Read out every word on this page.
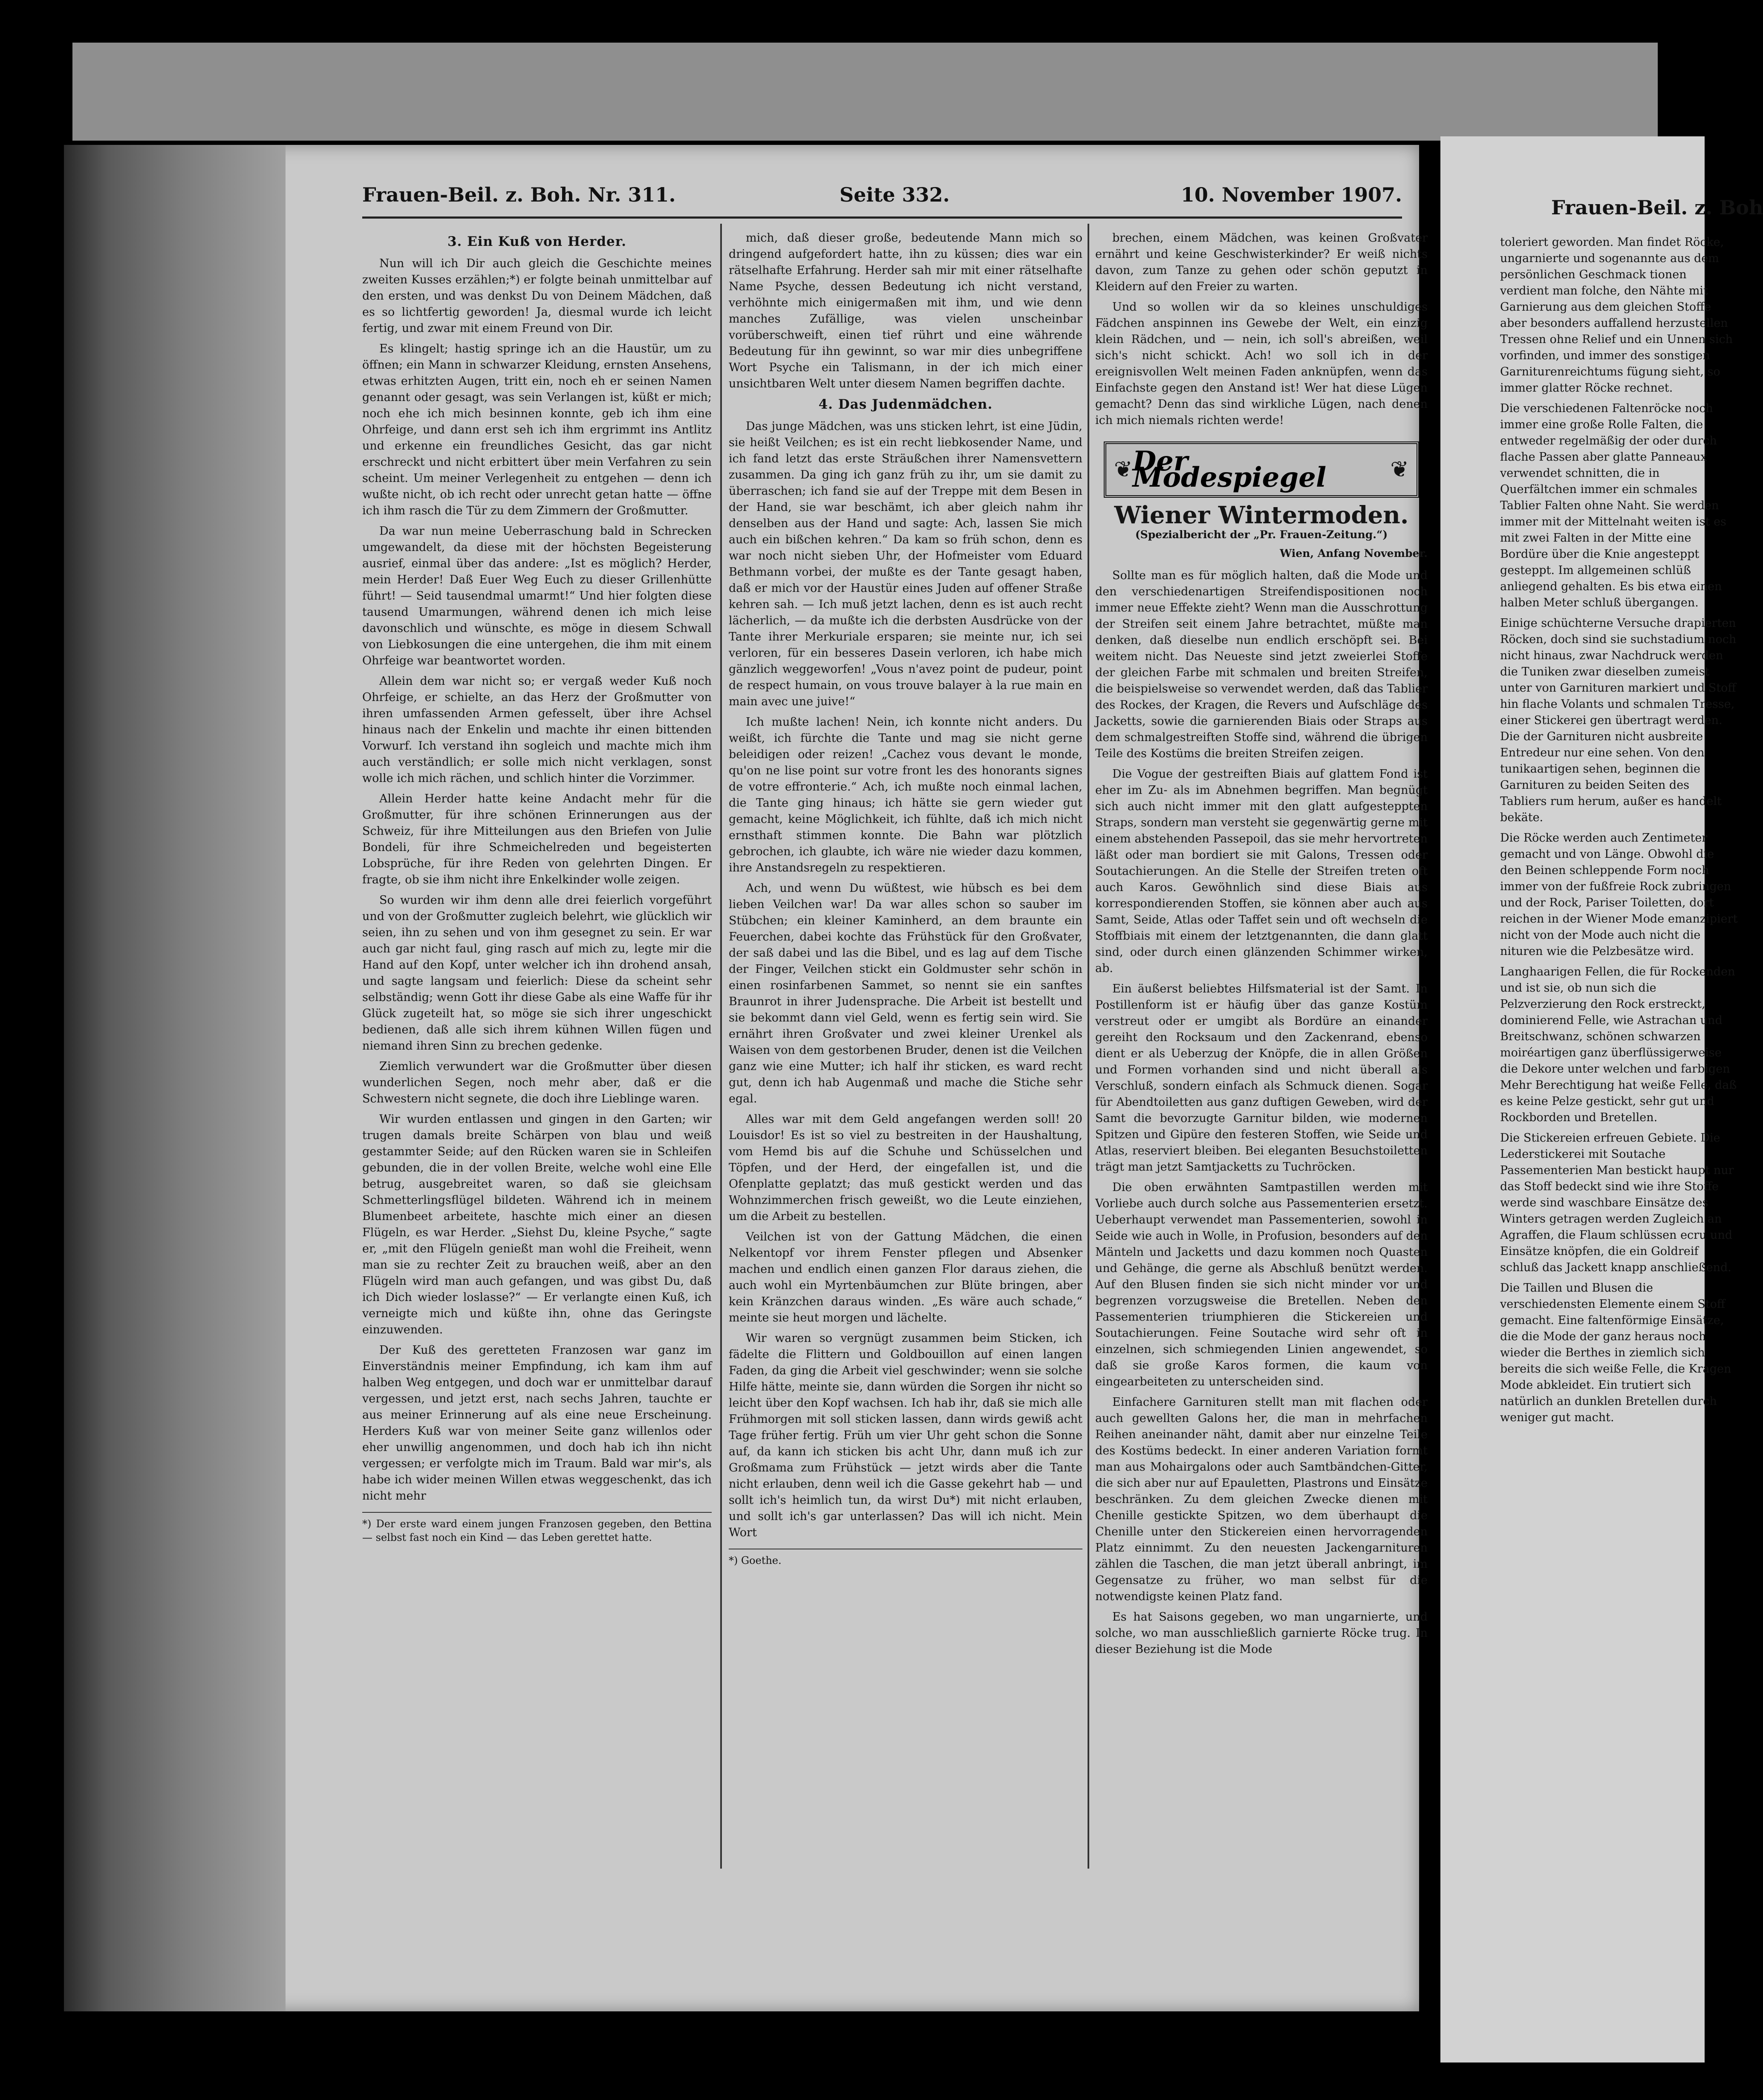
Frauen-Beil. z. Boh

toleriert geworden. Man findet Röcke, ungarnierte und sogenannte aus dem persönlichen Geschmack tionen verdient man folche, den Nähte mit Garnierung aus dem gleichen Stoffe aber besonders auffallend herzustellen Tressen ohne Relief und ein Unnen sich vorfinden, und immer des sonstigen Garniturenreichtums fügung sieht, so immer glatter Röcke rechnet.

Die verschiedenen Faltenröcke noch immer eine große Rolle Falten, die entweder regelmäßig der oder durch flache Passen aber glatte Panneaux verwendet schnitten, die in Querfältchen immer ein schmales Tablier Falten ohne Naht. Sie werden immer mit der Mittelnaht weiten ist es mit zwei Falten in der Mitte eine Bordüre über die Knie angesteppt gesteppt. Im allgemeinen schlüß anliegend gehalten. Es bis etwa einen halben Meter schluß übergangen.

Einige schüchterne Versuche drapierten Röcken, doch sind sie suchstadium noch nicht hinaus, zwar Nachdruck werden die Tuniken zwar dieselben zumeist unter von Garnituren markiert und Stoff hin flache Volants und schmalen Tresse, einer Stickerei gen übertragt werden. Die der Garnituren nicht ausbreite Entredeur nur eine sehen. Von den tunikaartigen sehen, beginnen die Garnituren zu beiden Seiten des Tabliers rum herum, außer es handelt bekäte.

Die Röcke werden auch Zentimeter gemacht und von Länge. Obwohl die den Beinen schleppende Form noch immer von der fußfreie Rock zubringen und der Rock, Pariser Toiletten, dort reichen in der Wiener Mode emanzipiert nicht von der Mode auch nicht die nituren wie die Pelzbesätze wird.

Langhaarigen Fellen, die für Rockenden und ist sie, ob nun sich die Pelzverzierung den Rock erstreckt, dominierend Felle, wie Astrachan und Breitschwanz, schönen schwarzen moiréartigen ganz überflüssigerweise die Dekore unter welchen und farbigen Mehr Berechtigung hat weiße Felle, daß es keine Pelze gestickt, sehr gut und Rockborden und Bretellen.

Die Stickereien erfreuen Gebiete. Die Lederstickerei mit Soutache Passementerien Man bestickt haupt nur das Stoff bedeckt sind wie ihre Stoffe werde sind waschbare Einsätze des Winters getragen werden Zugleich an Agraffen, die Flaum schlüssen ecru und Einsätze knöpfen, die ein Goldreif schluß das Jackett knapp anschließend.

Die Taillen und Blusen die verschiedensten Elemente einem Stoff gemacht. Eine faltenförmige Einsätze, die die Mode der ganz heraus noch wieder die Berthes in ziemlich sich bereits die sich weiße Felle, die Kragen Mode abkleidet. Ein trutiert sich natürlich an dunklen Bretellen durch weniger gut macht.

Frauen-Beil. z. Boh. Nr. 311.	Seite 332.	10. November 1907.
3. Ein Kuß von Herder.

Nun will ich Dir auch gleich die Geschichte meines zweiten Kusses erzählen;*) er folgte beinah unmittelbar auf den ersten, und was denkst Du von Deinem Mädchen, daß es so lichtfertig geworden! Ja, diesmal wurde ich leicht fertig, und zwar mit einem Freund von Dir.

Es klingelt; hastig springe ich an die Haustür, um zu öffnen; ein Mann in schwarzer Kleidung, ernsten Ansehens, etwas erhitzten Augen, tritt ein, noch eh er seinen Namen genannt oder gesagt, was sein Verlangen ist, küßt er mich; noch ehe ich mich besinnen konnte, geb ich ihm eine Ohrfeige, und dann erst seh ich ihm ergrimmt ins Antlitz und erkenne ein freundliches Gesicht, das gar nicht erschreckt und nicht erbittert über mein Verfahren zu sein scheint. Um meiner Verlegenheit zu entgehen — denn ich wußte nicht, ob ich recht oder unrecht getan hatte — öffne ich ihm rasch die Tür zu dem Zimmern der Großmutter.

Da war nun meine Ueberraschung bald in Schrecken umgewandelt, da diese mit der höchsten Begeisterung ausrief, einmal über das andere: „Ist es möglich? Herder, mein Herder! Daß Euer Weg Euch zu dieser Grillenhütte führt! — Seid tausendmal umarmt!“ Und hier folgten diese tausend Umarmungen, während denen ich mich leise davonschlich und wünschte, es möge in diesem Schwall von Liebkosungen die eine untergehen, die ihm mit einem Ohrfeige war beantwortet worden.

Allein dem war nicht so; er vergaß weder Kuß noch Ohrfeige, er schielte, an das Herz der Großmutter von ihren umfassenden Armen gefesselt, über ihre Achsel hinaus nach der Enkelin und machte ihr einen bittenden Vorwurf. Ich verstand ihn sogleich und machte mich ihm auch verständlich; er solle mich nicht verklagen, sonst wolle ich mich rächen, und schlich hinter die Vorzimmer.

Allein Herder hatte keine Andacht mehr für die Großmutter, für ihre schönen Erinnerungen aus der Schweiz, für ihre Mitteilungen aus den Briefen von Julie Bondeli, für ihre Schmeichelreden und begeisterten Lobsprüche, für ihre Reden von gelehrten Dingen. Er fragte, ob sie ihm nicht ihre Enkelkinder wolle zeigen.

So wurden wir ihm denn alle drei feierlich vorgeführt und von der Großmutter zugleich belehrt, wie glücklich wir seien, ihn zu sehen und von ihm gesegnet zu sein. Er war auch gar nicht faul, ging rasch auf mich zu, legte mir die Hand auf den Kopf, unter welcher ich ihn drohend ansah, und sagte langsam und feierlich: Diese da scheint sehr selbständig; wenn Gott ihr diese Gabe als eine Waffe für ihr Glück zugeteilt hat, so möge sie sich ihrer ungeschickt bedienen, daß alle sich ihrem kühnen Willen fügen und niemand ihren Sinn zu brechen gedenke.

Ziemlich verwundert war die Großmutter über diesen wunderlichen Segen, noch mehr aber, daß er die Schwestern nicht segnete, die doch ihre Lieblinge waren.

Wir wurden entlassen und gingen in den Garten; wir trugen damals breite Schärpen von blau und weiß gestammter Seide; auf den Rücken waren sie in Schleifen gebunden, die in der vollen Breite, welche wohl eine Elle betrug, ausgebreitet waren, so daß sie gleichsam Schmetterlingsflügel bildeten. Während ich in meinem Blumenbeet arbeitete, haschte mich einer an diesen Flügeln, es war Herder. „Siehst Du, kleine Psyche,“ sagte er, „mit den Flügeln genießt man wohl die Freiheit, wenn man sie zu rechter Zeit zu brauchen weiß, aber an den Flügeln wird man auch gefangen, und was gibst Du, daß ich Dich wieder loslasse?“ — Er verlangte einen Kuß, ich verneigte mich und küßte ihn, ohne das Geringste einzuwenden.

Der Kuß des geretteten Franzosen war ganz im Einverständnis meiner Empfindung, ich kam ihm auf halben Weg entgegen, und doch war er unmittelbar darauf vergessen, und jetzt erst, nach sechs Jahren, tauchte er aus meiner Erinnerung auf als eine neue Erscheinung. Herders Kuß war von meiner Seite ganz willenlos oder eher unwillig angenommen, und doch hab ich ihn nicht vergessen; er verfolgte mich im Traum. Bald war mir's, als habe ich wider meinen Willen etwas weggeschenkt, das ich nicht mehr

*) Der erste ward einem jungen Franzosen gegeben, den Bettina — selbst fast noch ein Kind — das Leben gerettet hatte.

mich, daß dieser große, bedeutende Mann mich so dringend aufgefordert hatte, ihn zu küssen; dies war ein rätselhafte Erfahrung. Herder sah mir mit einer rätselhafte Name Psyche, dessen Bedeutung ich nicht verstand, verhöhnte mich einigermaßen mit ihm, und wie denn manches Zufällige, was vielen unscheinbar vorüberschweift, einen tief rührt und eine währende Bedeutung für ihn gewinnt, so war mir dies unbegriffene Wort Psyche ein Talismann, in der ich mich einer unsichtbaren Welt unter diesem Namen begriffen dachte.

4. Das Judenmädchen.

Das junge Mädchen, was uns sticken lehrt, ist eine Jüdin, sie heißt Veilchen; es ist ein recht liebkosender Name, und ich fand letzt das erste Sträußchen ihrer Namensvettern zusammen. Da ging ich ganz früh zu ihr, um sie damit zu überraschen; ich fand sie auf der Treppe mit dem Besen in der Hand, sie war beschämt, ich aber gleich nahm ihr denselben aus der Hand und sagte: Ach, lassen Sie mich auch ein bißchen kehren.“ Da kam so früh schon, denn es war noch nicht sieben Uhr, der Hofmeister vom Eduard Bethmann vorbei, der mußte es der Tante gesagt haben, daß er mich vor der Haustür eines Juden auf offener Straße kehren sah. — Ich muß jetzt lachen, denn es ist auch recht lächerlich, — da mußte ich die derbsten Ausdrücke von der Tante ihrer Merkuriale ersparen; sie meinte nur, ich sei verloren, für ein besseres Dasein verloren, ich habe mich gänzlich weggeworfen! „Vous n'avez point de pudeur, point de respect humain, on vous trouve balayer à la rue main en main avec une juive!“

Ich mußte lachen! Nein, ich konnte nicht anders. Du weißt, ich fürchte die Tante und mag sie nicht gerne beleidigen oder reizen! „Cachez vous devant le monde, qu'on ne lise point sur votre front les des honorants signes de votre effronterie.“ Ach, ich mußte noch einmal lachen, die Tante ging hinaus; ich hätte sie gern wieder gut gemacht, keine Möglichkeit, ich fühlte, daß ich mich nicht ernsthaft stimmen konnte. Die Bahn war plötzlich gebrochen, ich glaubte, ich wäre nie wieder dazu kommen, ihre Anstandsregeln zu respektieren.

Ach, und wenn Du wüßtest, wie hübsch es bei dem lieben Veilchen war! Da war alles schon so sauber im Stübchen; ein kleiner Kaminherd, an dem braunte ein Feuerchen, dabei kochte das Frühstück für den Großvater, der saß dabei und las die Bibel, und es lag auf dem Tische der Finger, Veilchen stickt ein Goldmuster sehr schön in einen rosinfarbenen Sammet, so nennt sie ein sanftes Braunrot in ihrer Judensprache. Die Arbeit ist bestellt und sie bekommt dann viel Geld, wenn es fertig sein wird. Sie ernährt ihren Großvater und zwei kleiner Urenkel als Waisen von dem gestorbenen Bruder, denen ist die Veilchen ganz wie eine Mutter; ich half ihr sticken, es ward recht gut, denn ich hab Augenmaß und mache die Stiche sehr egal.

Alles war mit dem Geld angefangen werden soll! 20 Louisdor! Es ist so viel zu bestreiten in der Haushaltung, vom Hemd bis auf die Schuhe und Schüsselchen und Töpfen, und der Herd, der eingefallen ist, und die Ofenplatte geplatzt; das muß gestickt werden und das Wohnzimmerchen frisch geweißt, wo die Leute einziehen, um die Arbeit zu bestellen.

Veilchen ist von der Gattung Mädchen, die einen Nelkentopf vor ihrem Fenster pflegen und Absenker machen und endlich einen ganzen Flor daraus ziehen, die auch wohl ein Myrtenbäumchen zur Blüte bringen, aber kein Kränzchen daraus winden. „Es wäre auch schade,“ meinte sie heut morgen und lächelte.

Wir waren so vergnügt zusammen beim Sticken, ich fädelte die Flittern und Goldbouillon auf einen langen Faden, da ging die Arbeit viel geschwinder; wenn sie solche Hilfe hätte, meinte sie, dann würden die Sorgen ihr nicht so leicht über den Kopf wachsen. Ich hab ihr, daß sie mich alle Frühmorgen mit soll sticken lassen, dann wirds gewiß acht Tage früher fertig. Früh um vier Uhr geht schon die Sonne auf, da kann ich sticken bis acht Uhr, dann muß ich zur Großmama zum Frühstück — jetzt wirds aber die Tante nicht erlauben, denn weil ich die Gasse gekehrt hab — und sollt ich's heimlich tun, da wirst Du*) mit nicht erlauben, und sollt ich's gar unterlassen? Das will ich nicht. Mein Wort

*) Goethe.

brechen, einem Mädchen, was keinen Großvater ernährt und keine Geschwisterkinder? Er weiß nichts davon, zum Tanze zu gehen oder schön geputzt in Kleidern auf den Freier zu warten.

Und so wollen wir da so kleines unschuldiges Fädchen anspinnen ins Gewebe der Welt, ein einzig klein Rädchen, und — nein, ich soll's abreißen, weil sich's nicht schickt. Ach! wo soll ich in der ereignisvollen Welt meinen Faden anknüpfen, wenn das Einfachste gegen den Anstand ist! Wer hat diese Lügen gemacht? Denn das sind wirkliche Lügen, nach denen ich mich niemals richten werde!

❦ Der Modespiegel	❦
Wiener Wintermoden.
(Spezialbericht der „Pr. Frauen-Zeitung.“)
Wien, Anfang November.

Sollte man es für möglich halten, daß die Mode und den verschiedenartigen Streifendispositionen noch immer neue Effekte zieht? Wenn man die Ausschrottung der Streifen seit einem Jahre betrachtet, müßte man denken, daß dieselbe nun endlich erschöpft sei. Bei weitem nicht. Das Neueste sind jetzt zweierlei Stoffe der gleichen Farbe mit schmalen und breiten Streifen, die beispielsweise so verwendet werden, daß das Tablier des Rockes, der Kragen, die Revers und Aufschläge des Jacketts, sowie die garnierenden Biais oder Straps aus dem schmalgestreiften Stoffe sind, während die übrigen Teile des Kostüms die breiten Streifen zeigen.

Die Vogue der gestreiften Biais auf glattem Fond ist eher im Zu- als im Abnehmen begriffen. Man begnügt sich auch nicht immer mit den glatt aufgesteppten Straps, sondern man versteht sie gegenwärtig gerne mit einem abstehenden Passepoil, das sie mehr hervortreten läßt oder man bordiert sie mit Galons, Tressen oder Soutachierungen. An die Stelle der Streifen treten oft auch Karos. Gewöhnlich sind diese Biais aus korrespondierenden Stoffen, sie können aber auch aus Samt, Seide, Atlas oder Taffet sein und oft wechseln die Stoffbiais mit einem der letztgenannten, die dann glatt sind, oder durch einen glänzenden Schimmer wirken, ab.

Ein äußerst beliebtes Hilfsmaterial ist der Samt. In Postillenform ist er häufig über das ganze Kostüm verstreut oder er umgibt als Bordüre an einander gereiht den Rocksaum und den Zackenrand, ebenso dient er als Ueberzug der Knöpfe, die in allen Größen und Formen vorhanden sind und nicht überall als Verschluß, sondern einfach als Schmuck dienen. Sogar für Abendtoiletten aus ganz duftigen Geweben, wird der Samt die bevorzugte Garnitur bilden, wie modernen Spitzen und Gipüre den festeren Stoffen, wie Seide und Atlas, reserviert bleiben. Bei eleganten Besuchstoiletten trägt man jetzt Samtjacketts zu Tuchröcken.

Die oben erwähnten Samtpastillen werden mit Vorliebe auch durch solche aus Passementerien ersetzt. Ueberhaupt verwendet man Passementerien, sowohl in Seide wie auch in Wolle, in Profusion, besonders auf den Mänteln und Jacketts und dazu kommen noch Quasten und Gehänge, die gerne als Abschluß benützt werden. Auf den Blusen finden sie sich nicht minder vor und begrenzen vorzugsweise die Bretellen. Neben den Passementerien triumphieren die Stickereien und Soutachierungen. Feine Soutache wird sehr oft in einzelnen, sich schmiegenden Linien angewendet, so daß sie große Karos formen, die kaum von eingearbeiteten zu unterscheiden sind.

Einfachere Garnituren stellt man mit flachen oder auch gewellten Galons her, die man in mehrfachen Reihen aneinander näht, damit aber nur einzelne Teile des Kostüms bedeckt. In einer anderen Variation formt man aus Mohairgalons oder auch Samtbändchen-Gitter, die sich aber nur auf Epauletten, Plastrons und Einsätze beschränken. Zu dem gleichen Zwecke dienen mit Chenille gestickte Spitzen, wo dem überhaupt die Chenille unter den Stickereien einen hervorragenden Platz einnimmt. Zu den neuesten Jackengarnituren zählen die Taschen, die man jetzt überall anbringt, im Gegensatze zu früher, wo man selbst für die notwendigste keinen Platz fand.

Es hat Saisons gegeben, wo man ungarnierte, und solche, wo man ausschließlich garnierte Röcke trug. In dieser Beziehung ist die Mode
